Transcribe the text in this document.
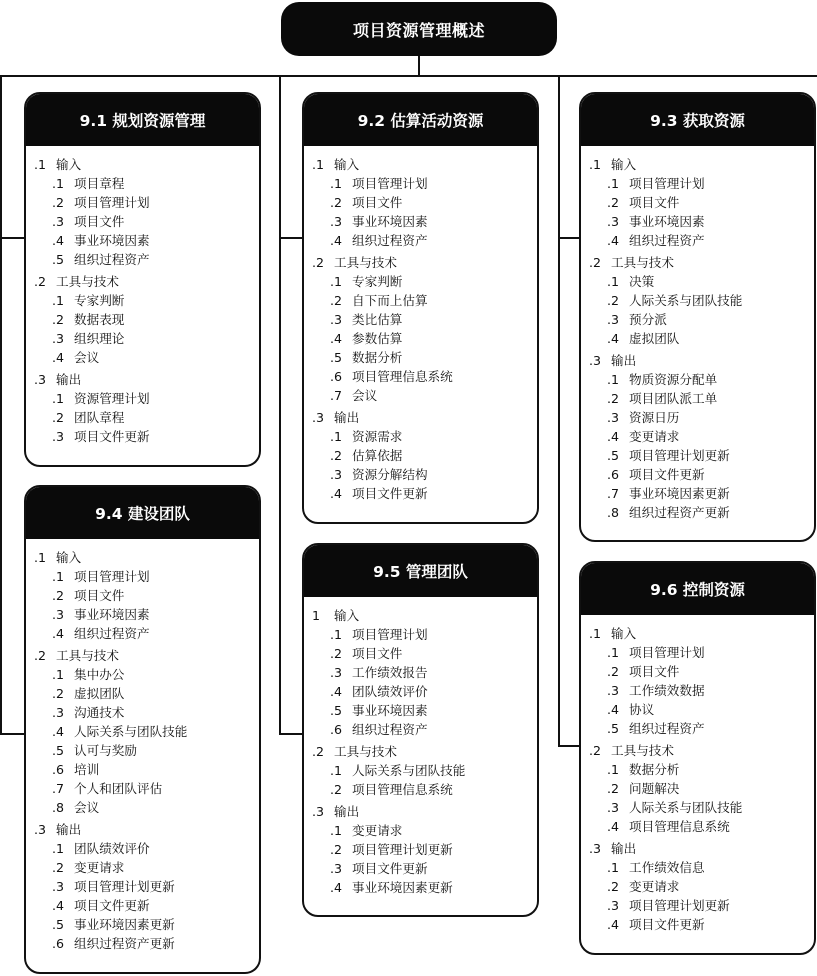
项目资源管理概述
9.1 规划资源管理
.1 输入
.1 项目章程
.2 项目管理计划
.3 项目文件
.4 事业环境因素
.5 组织过程资产
.2 工具与技术
.1 专家判断
.2 数据表现
.3 组织理论
.4 会议
.3 输出
.1 资源管理计划
.2 团队章程
.3 项目文件更新
9.2 估算活动资源
.1 输入
.1 项目管理计划
.2 项目文件
.3 事业环境因素
.4 组织过程资产
.2 工具与技术
.1 专家判断
.2 自下而上估算
.3 类比估算
.4 参数估算
.5 数据分析
.6 项目管理信息系统
.7 会议
.3 输出
.1 资源需求
.2 估算依据
.3 资源分解结构
.4 项目文件更新
9.3 获取资源
.1 输入
.1 项目管理计划
.2 项目文件
.3 事业环境因素
.4 组织过程资产
.2 工具与技术
.1 决策
.2 人际关系与团队技能
.3 预分派
.4 虚拟团队
.3 输出
.1 物质资源分配单
.2 项目团队派工单
.3 资源日历
.4 变更请求
.5 项目管理计划更新
.6 项目文件更新
.7 事业环境因素更新
.8 组织过程资产更新
9.4 建设团队
.1 输入
.1 项目管理计划
.2 项目文件
.3 事业环境因素
.4 组织过程资产
.2 工具与技术
.1 集中办公
.2 虚拟团队
.3 沟通技术
.4 人际关系与团队技能
.5 认可与奖励
.6 培训
.7 个人和团队评估
.8 会议
.3 输出
.1 团队绩效评价
.2 变更请求
.3 项目管理计划更新
.4 项目文件更新
.5 事业环境因素更新
.6 组织过程资产更新
9.5 管理团队
1 输入
.1 项目管理计划
.2 项目文件
.3 工作绩效报告
.4 团队绩效评价
.5 事业环境因素
.6 组织过程资产
.2 工具与技术
.1 人际关系与团队技能
.2 项目管理信息系统
.3 输出
.1 变更请求
.2 项目管理计划更新
.3 项目文件更新
.4 事业环境因素更新
9.6 控制资源
.1 输入
.1 项目管理计划
.2 项目文件
.3 工作绩效数据
.4 协议
.5 组织过程资产
.2 工具与技术
.1 数据分析
.2 问题解决
.3 人际关系与团队技能
.4 项目管理信息系统
.3 输出
.1 工作绩效信息
.2 变更请求
.3 项目管理计划更新
.4 项目文件更新
